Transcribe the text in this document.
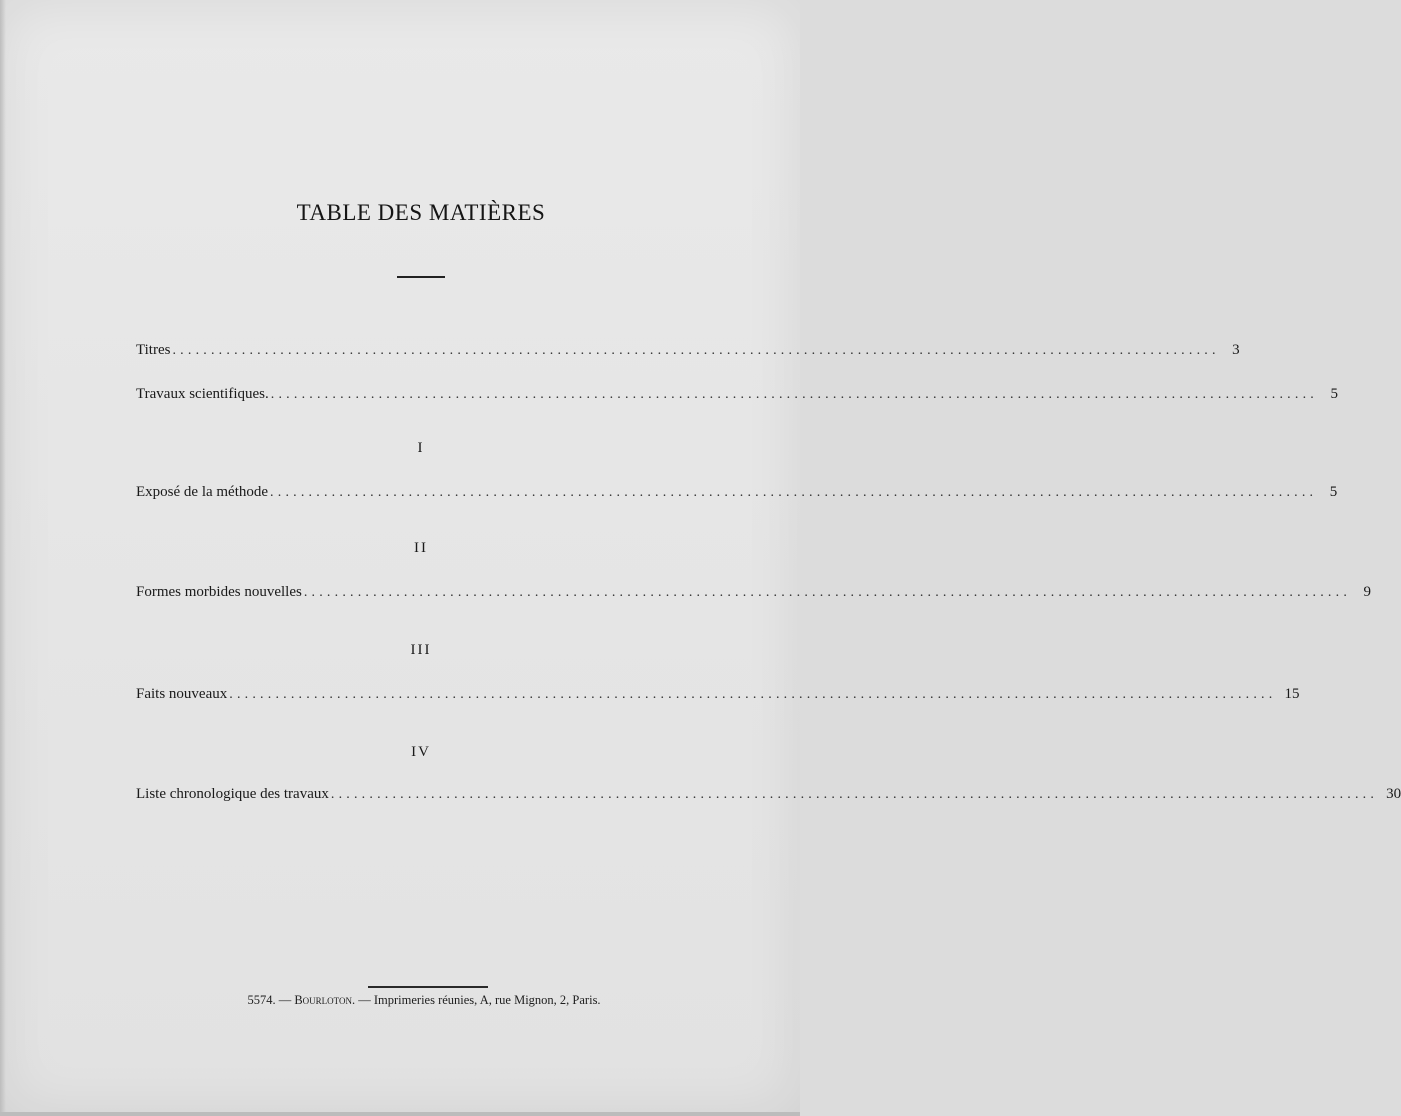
TABLE DES MATIÈRES
Titres ........................................................................................................................................ 3
Travaux scientifiques. ........................................................................................................................................ 5
I
Exposé de la méthode ........................................................................................................................................ 5
II
Formes morbides nouvelles ........................................................................................................................................ 9
III
Faits nouveaux ........................................................................................................................................ 15
IV
Liste chronologique des travaux ........................................................................................................................................ 30
5574. — Bourloton. — Imprimeries réunies, A, rue Mignon, 2, Paris.
